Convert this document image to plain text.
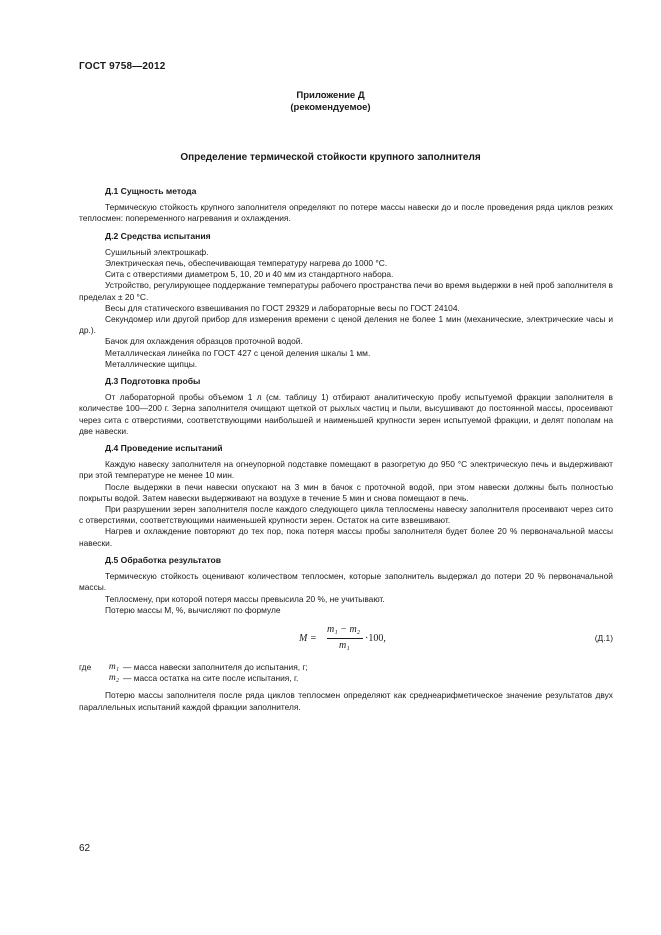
ГОСТ 9758—2012
Приложение Д
(рекомендуемое)
Определение термической стойкости крупного заполнителя
Д.1 Сущность метода

Термическую стойкость крупного заполнителя определяют по потере массы навески до и после проведения ряда циклов резких теплосмен: попеременного нагревания и охлаждения.

Д.2 Средства испытания

Сушильный электрошкаф.

Электрическая печь, обеспечивающая температуру нагрева до 1000 °С.

Сита с отверстиями диаметром 5, 10, 20 и 40 мм из стандартного набора.

Устройство, регулирующее поддержание температуры рабочего пространства печи во время выдержки в ней проб заполнителя в пределах ± 20 °С.

Весы для статического взвешивания по ГОСТ 29329 и лабораторные весы по ГОСТ 24104.

Секундомер или другой прибор для измерения времени с ценой деления не более 1 мин (механические, электрические часы и др.).

Бачок для охлаждения образцов проточной водой.

Металлическая линейка по ГОСТ 427 с ценой деления шкалы 1 мм.

Металлические щипцы.

Д.3 Подготовка пробы

От лабораторной пробы объемом 1 л (см. таблицу 1) отбирают аналитическую пробу испытуемой фракции заполнителя в количестве 100—200 г. Зерна заполнителя очищают щеткой от рыхлых частиц и пыли, высушивают до постоянной массы, просеивают через сита с отверстиями, соответствующими наибольшей и наименьшей крупности зерен испытуемой фракции, и делят пополам на две навески.

Д.4 Проведение испытаний

Каждую навеску заполнителя на огнеупорной подставке помещают в разогретую до 950 °С электрическую печь и выдерживают при этой температуре не менее 10 мин.

После выдержки в печи навески опускают на 3 мин в бачок с проточной водой, при этом навески должны быть полностью покрыты водой. Затем навески выдерживают на воздухе в течение 5 мин и снова помещают в печь.

При разрушении зерен заполнителя после каждого следующего цикла теплосмены навеску заполнителя просеивают через сито с отверстиями, соответствующими наименьшей крупности зерен. Остаток на сите взвешивают.

Нагрев и охлаждение повторяют до тех пор, пока потеря массы пробы заполнителя будет более 20 % первоначальной массы навески.

Д.5 Обработка результатов

Термическую стойкость оценивают количеством теплосмен, которые заполнитель выдержал до потери 20 % первоначальной массы.

Теплосмену, при которой потеря массы превысила 20 %, не учитывают.

Потерю массы М, %, вычисляют по формуле

M =
m₁ − m₂
m₁
·100,	(Д.1)
где	m₁ — масса навески заполнителя до испытания, г;
m₂ — масса остатка на сите после испытания, г.

Потерю массы заполнителя после ряда циклов теплосмен определяют как среднеарифметическое значение результатов двух параллельных испытаний каждой фракции заполнителя.

62
